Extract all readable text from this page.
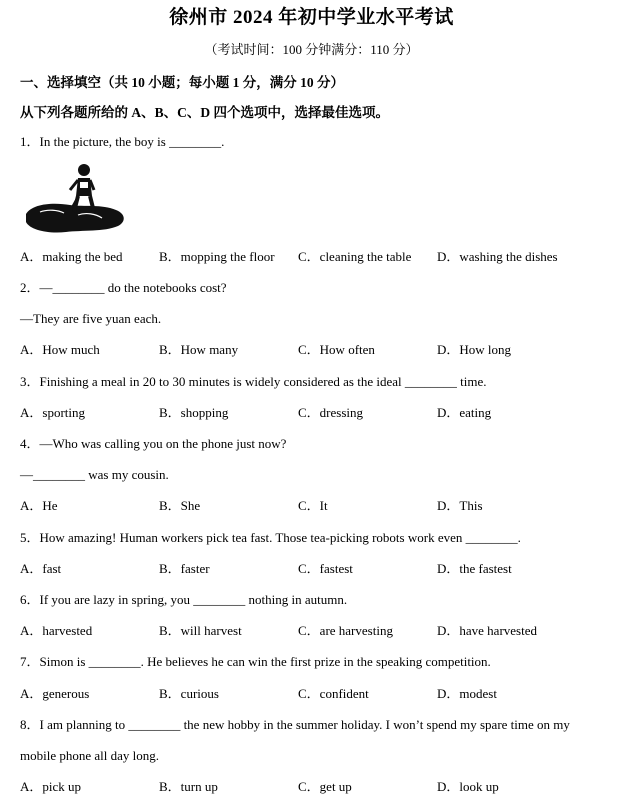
徐州市 2024 年初中学业水平考试
（考试时间：100 分钟满分：110 分）
一、选择填空（共 10 小题；每小题 1 分，满分 10 分）
从下列各题所给的 A、B、C、D 四个选项中，选择最佳选项。
1．In the picture, the boy is ________.
A．making the bed	B．mopping the floor C．cleaning the table D．washing the dishes
2．—________ do the notebooks cost?
—They are five yuan each.
A．How much	B．How many	C．How often	D．How long
3．Finishing a meal in 20 to 30 minutes is widely considered as the ideal ________ time.
A．sporting	B．shopping	C．dressing	D．eating
4．—Who was calling you on the phone just now?
—________ was my cousin.
A．He	B．She	C．It	D．This
5．How amazing! Human workers pick tea fast. Those tea-picking robots work even ________.
A．fast	B．faster	C．fastest	D．the fastest
6．If you are lazy in spring, you ________ nothing in autumn.
A．harvested	B．will harvest	C．are harvesting	D．have harvested
7．Simon is ________. He believes he can win the first prize in the speaking competition.
A．generous	B．curious	C．confident	D．modest
8．I am planning to ________ the new hobby in the summer holiday. I won’t spend my spare time on my
mobile phone all day long.
A．pick up	B．turn up	C．get up	D．look up
